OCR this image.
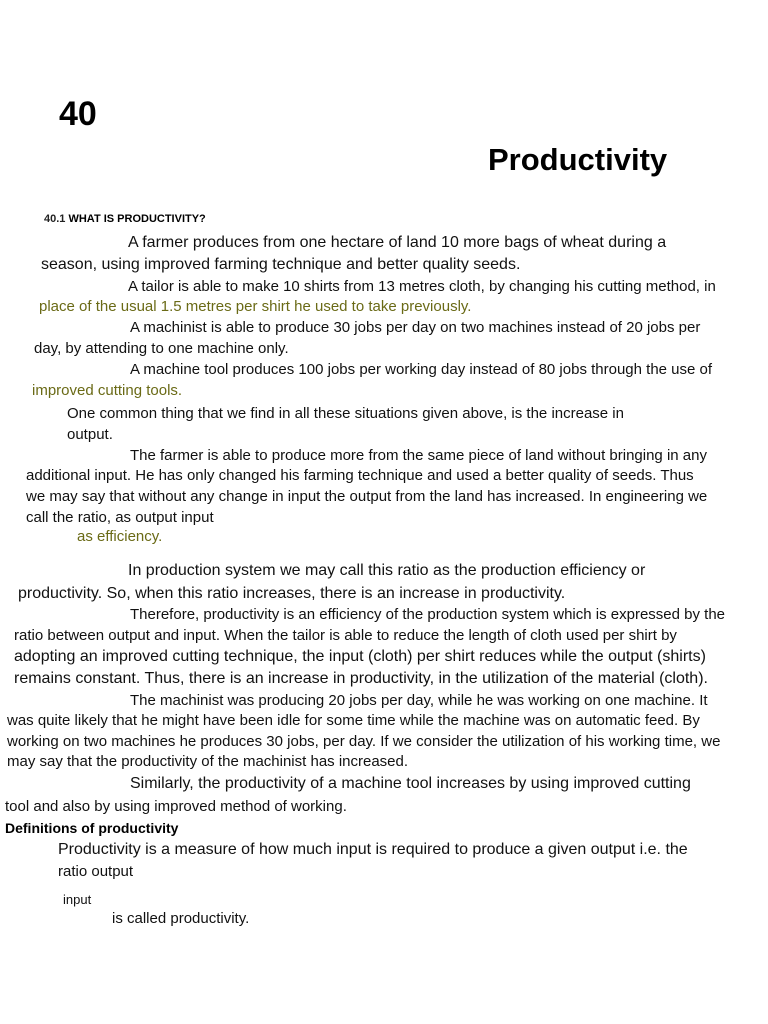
40
Productivity
40.1 WHAT IS PRODUCTIVITY?
A farmer produces from one hectare of land 10 more bags of wheat during a
season, using improved farming technique and better quality seeds.
A tailor is able to make 10 shirts from 13 metres cloth, by changing his cutting method, in
place of the usual 1.5 metres per shirt he used to take previously.
A machinist is able to produce 30 jobs per day on two machines instead of 20 jobs per
day, by attending to one machine only.
A machine tool produces 100 jobs per working day instead of 80 jobs through the use of
improved cutting tools.
One common thing that we find in all these situations given above, is the increase in
output.
The farmer is able to produce more from the same piece of land without bringing in any
additional input. He has only changed his farming technique and used a better quality of seeds. Thus
we may say that without any change in input the output from the land has increased. In engineering we
call the ratio, as output input
as efficiency.
In production system we may call this ratio as the production efficiency or
productivity. So, when this ratio increases, there is an increase in productivity.
Therefore, productivity is an efficiency of the production system which is expressed by the
ratio between output and input. When the tailor is able to reduce the length of cloth used per shirt by
adopting an improved cutting technique, the input (cloth) per shirt reduces while the output (shirts)
remains constant. Thus, there is an increase in productivity, in the utilization of the material (cloth).
The machinist was producing 20 jobs per day, while he was working on one machine. It
was quite likely that he might have been idle for some time while the machine was on automatic feed. By
working on two machines he produces 30 jobs, per day. If we consider the utilization of his working time, we
may say that the productivity of the machinist has increased.
Similarly, the productivity of a machine tool increases by using improved cutting
tool and also by using improved method of working.
Definitions of productivity
Productivity is a measure of how much input is required to produce a given output i.e. the
ratio output
input
is called productivity.
